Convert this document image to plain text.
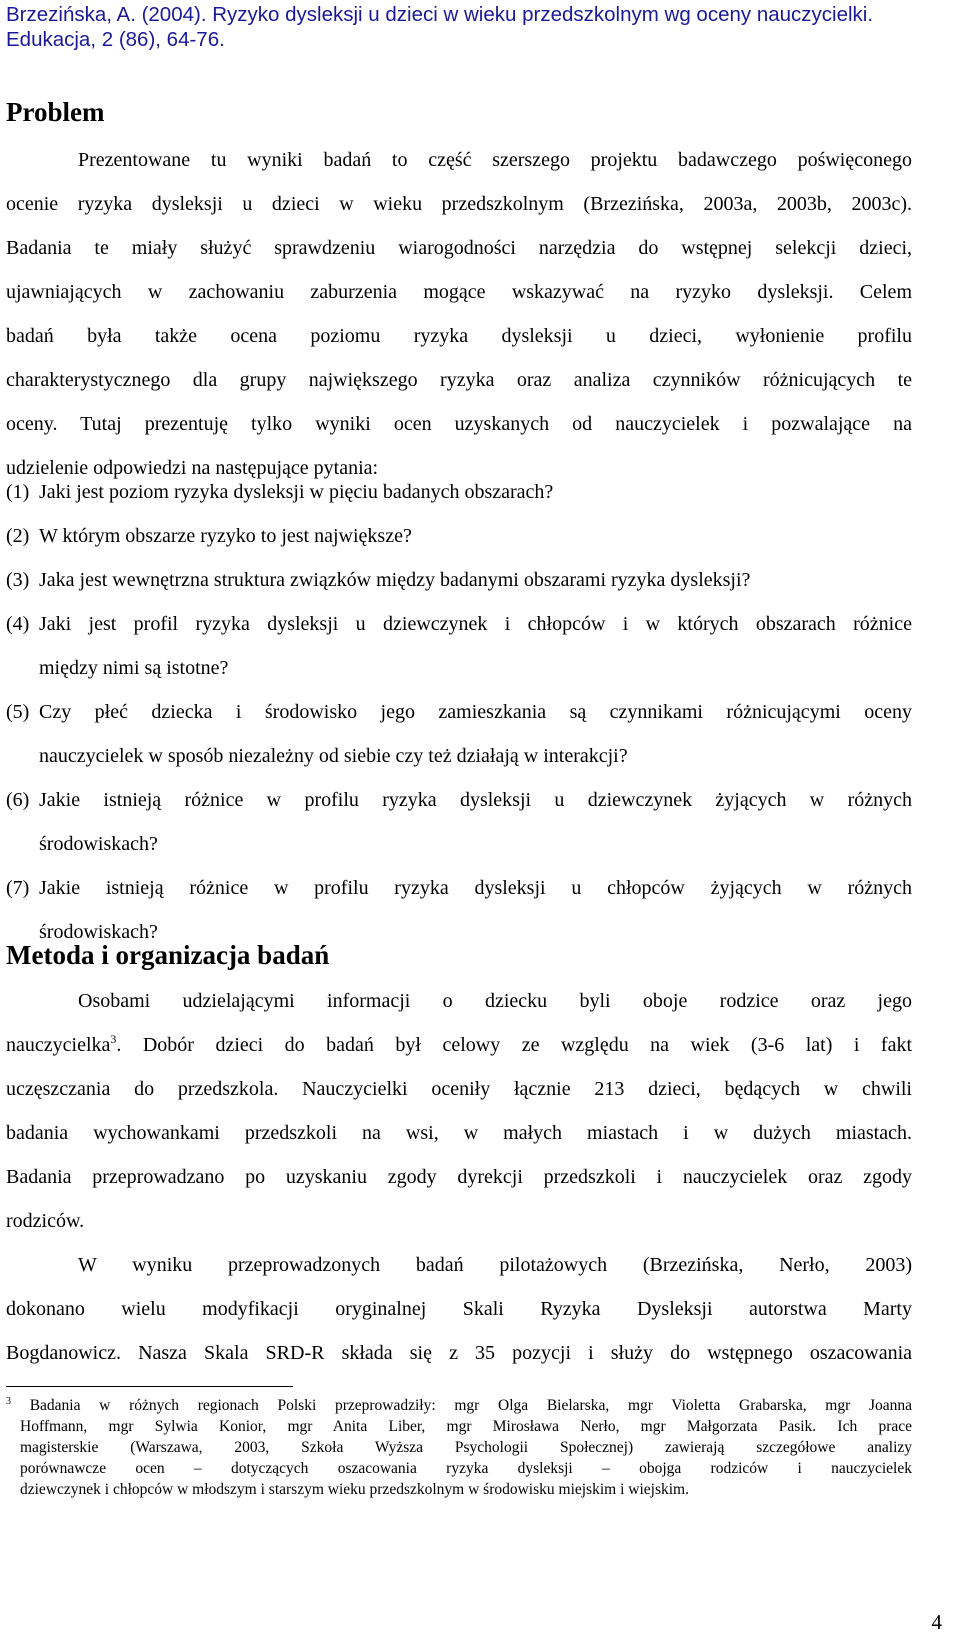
Brzezińska, A. (2004). Ryzyko dysleksji u dzieci w wieku przedszkolnym wg oceny nauczycielki.
Edukacja, 2 (86), 64-76.
Problem
Prezentowane tu wyniki badań to część szerszego projektu badawczego poświęconego
ocenie ryzyka dysleksji u dzieci w wieku przedszkolnym (Brzezińska, 2003a, 2003b, 2003c).
Badania te miały służyć sprawdzeniu wiarogodności narzędzia do wstępnej selekcji dzieci,
ujawniających w zachowaniu zaburzenia mogące wskazywać na ryzyko dysleksji. Celem
badań była także ocena poziomu ryzyka dysleksji u dzieci, wyłonienie profilu
charakterystycznego dla grupy największego ryzyka oraz analiza czynników różnicujących te
oceny. Tutaj prezentuję tylko wyniki ocen uzyskanych od nauczycielek i pozwalające na
udzielenie odpowiedzi na następujące pytania:
(1) Jaki jest poziom ryzyka dysleksji w pięciu badanych obszarach?
(2) W którym obszarze ryzyko to jest największe?
(3) Jaka jest wewnętrzna struktura związków między badanymi obszarami ryzyka dysleksji?
(4) Jaki jest profil ryzyka dysleksji u dziewczynek i chłopców i w których obszarach różnice
między nimi są istotne?
(5) Czy płeć dziecka i środowisko jego zamieszkania są czynnikami różnicującymi oceny
nauczycielek w sposób niezależny od siebie czy też działają w interakcji?
(6) Jakie istnieją różnice w profilu ryzyka dysleksji u dziewczynek żyjących w różnych
środowiskach?
(7) Jakie istnieją różnice w profilu ryzyka dysleksji u chłopców żyjących w różnych
środowiskach?
Metoda i organizacja badań
Osobami udzielającymi informacji o dziecku byli oboje rodzice oraz jego
nauczycielka$^3$. Dobór dzieci do badań był celowy ze względu na wiek (3-6 lat) i fakt
uczęszczania do przedszkola. Nauczycielki oceniły łącznie 213 dzieci, będących w chwili
badania wychowankami przedszkoli na wsi, w małych miastach i w dużych miastach.
Badania przeprowadzano po uzyskaniu zgody dyrekcji przedszkoli i nauczycielek oraz zgody
rodziców.
W wyniku przeprowadzonych badań pilotażowych (Brzezińska, Nerło, 2003)
dokonano wielu modyfikacji oryginalnej Skali Ryzyka Dysleksji autorstwa Marty
Bogdanowicz. Nasza Skala SRD-R składa się z 35 pozycji i służy do wstępnego oszacowania
$^3$ Badania w różnych regionach Polski przeprowadziły: mgr Olga Bielarska, mgr Violetta Grabarska, mgr Joanna
Hoffmann, mgr Sylwia Konior, mgr Anita Liber, mgr Mirosława Nerło, mgr Małgorzata Pasik. Ich prace
magisterskie (Warszawa, 2003, Szkoła Wyższa Psychologii Społecznej) zawierają szczegółowe analizy
porównawcze ocen – dotyczących oszacowania ryzyka dysleksji – obojga rodziców i nauczycielek
dziewczynek i chłopców w młodszym i starszym wieku przedszkolnym w środowisku miejskim i wiejskim.
4
